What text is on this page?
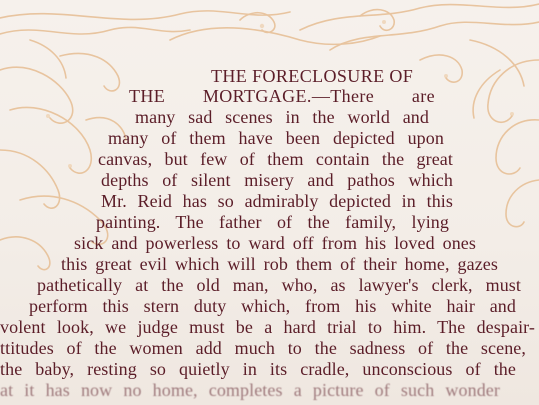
THE FORECLOSURE OF
THE MORTGAGE.—There are
many sad scenes in the world and
many of them have been depicted upon
canvas, but few of them contain the great
depths of silent misery and pathos which
Mr. Reid has so admirably depicted in this
painting. The father of the family, lying
sick and powerless to ward off from his loved ones
this great evil which will rob them of their home, gazes
pathetically at the old man, who, as lawyer's clerk, must
perform this stern duty which, from his white hair and
volent look, we judge must be a hard trial to him. The despair-
ttitudes of the women add much to the sadness of the scene,
the baby, resting so quietly in its cradle, unconscious of the
at it has now no home, completes a picture of such wonder
